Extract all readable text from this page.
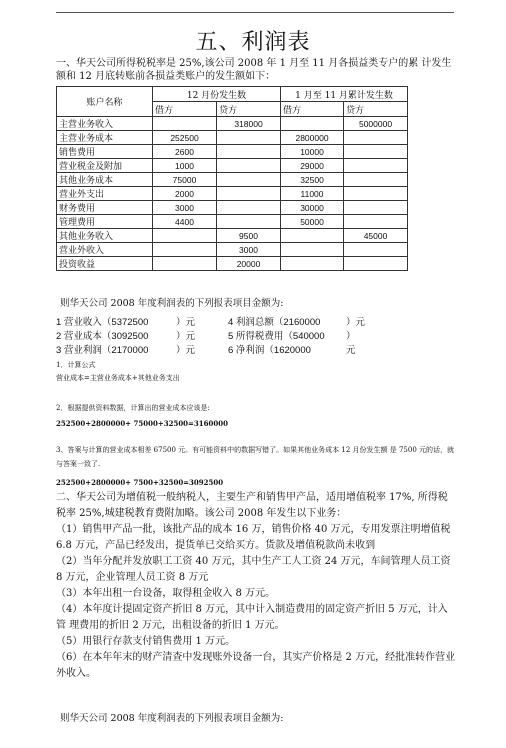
五、利润表
一、华天公司所得税税率是 25%,该公司 2008 年 1 月至 11 月各损益类专户的累 计发生额和 12 月底转账前各损益类账户的发生额如下：
账户名称	12 月份发生数		1 月至 11 月累计发生数	
	借方	贷方	借方	贷方
主营业务收入		318000		5000000
主营业务成本	252500		2800000	
销售费用	2600		10000	
营业税金及附加	1000		29000	
其他业务成本	75000		32500	
营业外支出	2000		11000	
财务费用	3000		30000	
管理费用	4400		50000	
其他业务收入		9500		45000
营业外收入		3000		
投资收益		20000		
则华天公司 2008 年度利润表的下列报表项目金额为:
1 营业收入（5372500	）元	4 利润总额（2160000	）元
2 营业成本（3092500	）元	5 所得税费用（540000 ）
3 营业利润（2170000	）元	6 净利润（1620000	元
1．计算公式
营业成本=主营业务成本+其他业务支出
2．根据提供资料数据，计算出的营业成本应该是:
252500+2800000+ 75000+32500=3160000
3、答案与计算的营业成本相差 67500 元。有可能资料中的数据写错了。如果其他业务成本 12 月份发生额 是 7500 元的话，就与答案一致了.
252500+2800000+ 7500+32500=3092500
二、华天公司为增值税一般纳税人，主要生产和销售甲产品，适用增值税率 17%, 所得税税率 25%,城建税教育费附加略。该公司 2008 年发生以下业务：
（1）销售甲产品一批，该批产品的成本 16 万，销售价格 40 万元，专用发票注明增值税 6.8 万元，产品已经发出，提货单已交给买方。货款及增值税款尚未收到
（2）当年分配并发放职工工资 40 万元，其中生产工人工资 24 万元，车间管理人员工资 8 万元，企业管理人员工资 8 万元
（3）本年出租一台设备，取得租金收入 8 万元。
（4）本年度计提固定资产折旧 8 万元，其中计入制造费用的固定资产折旧 5 万元，计入管 理费用的折旧 2 万元，出租设备的折旧 1 万元。
（5）用银行存款支付销售费用 1 万元。
（6）在本年年末的财产清查中发现账外设备一台，其实产价格是 2 万元，经批准转作营业 外收入。
则华天公司 2008 年度利润表的下列报表项目金额为:
